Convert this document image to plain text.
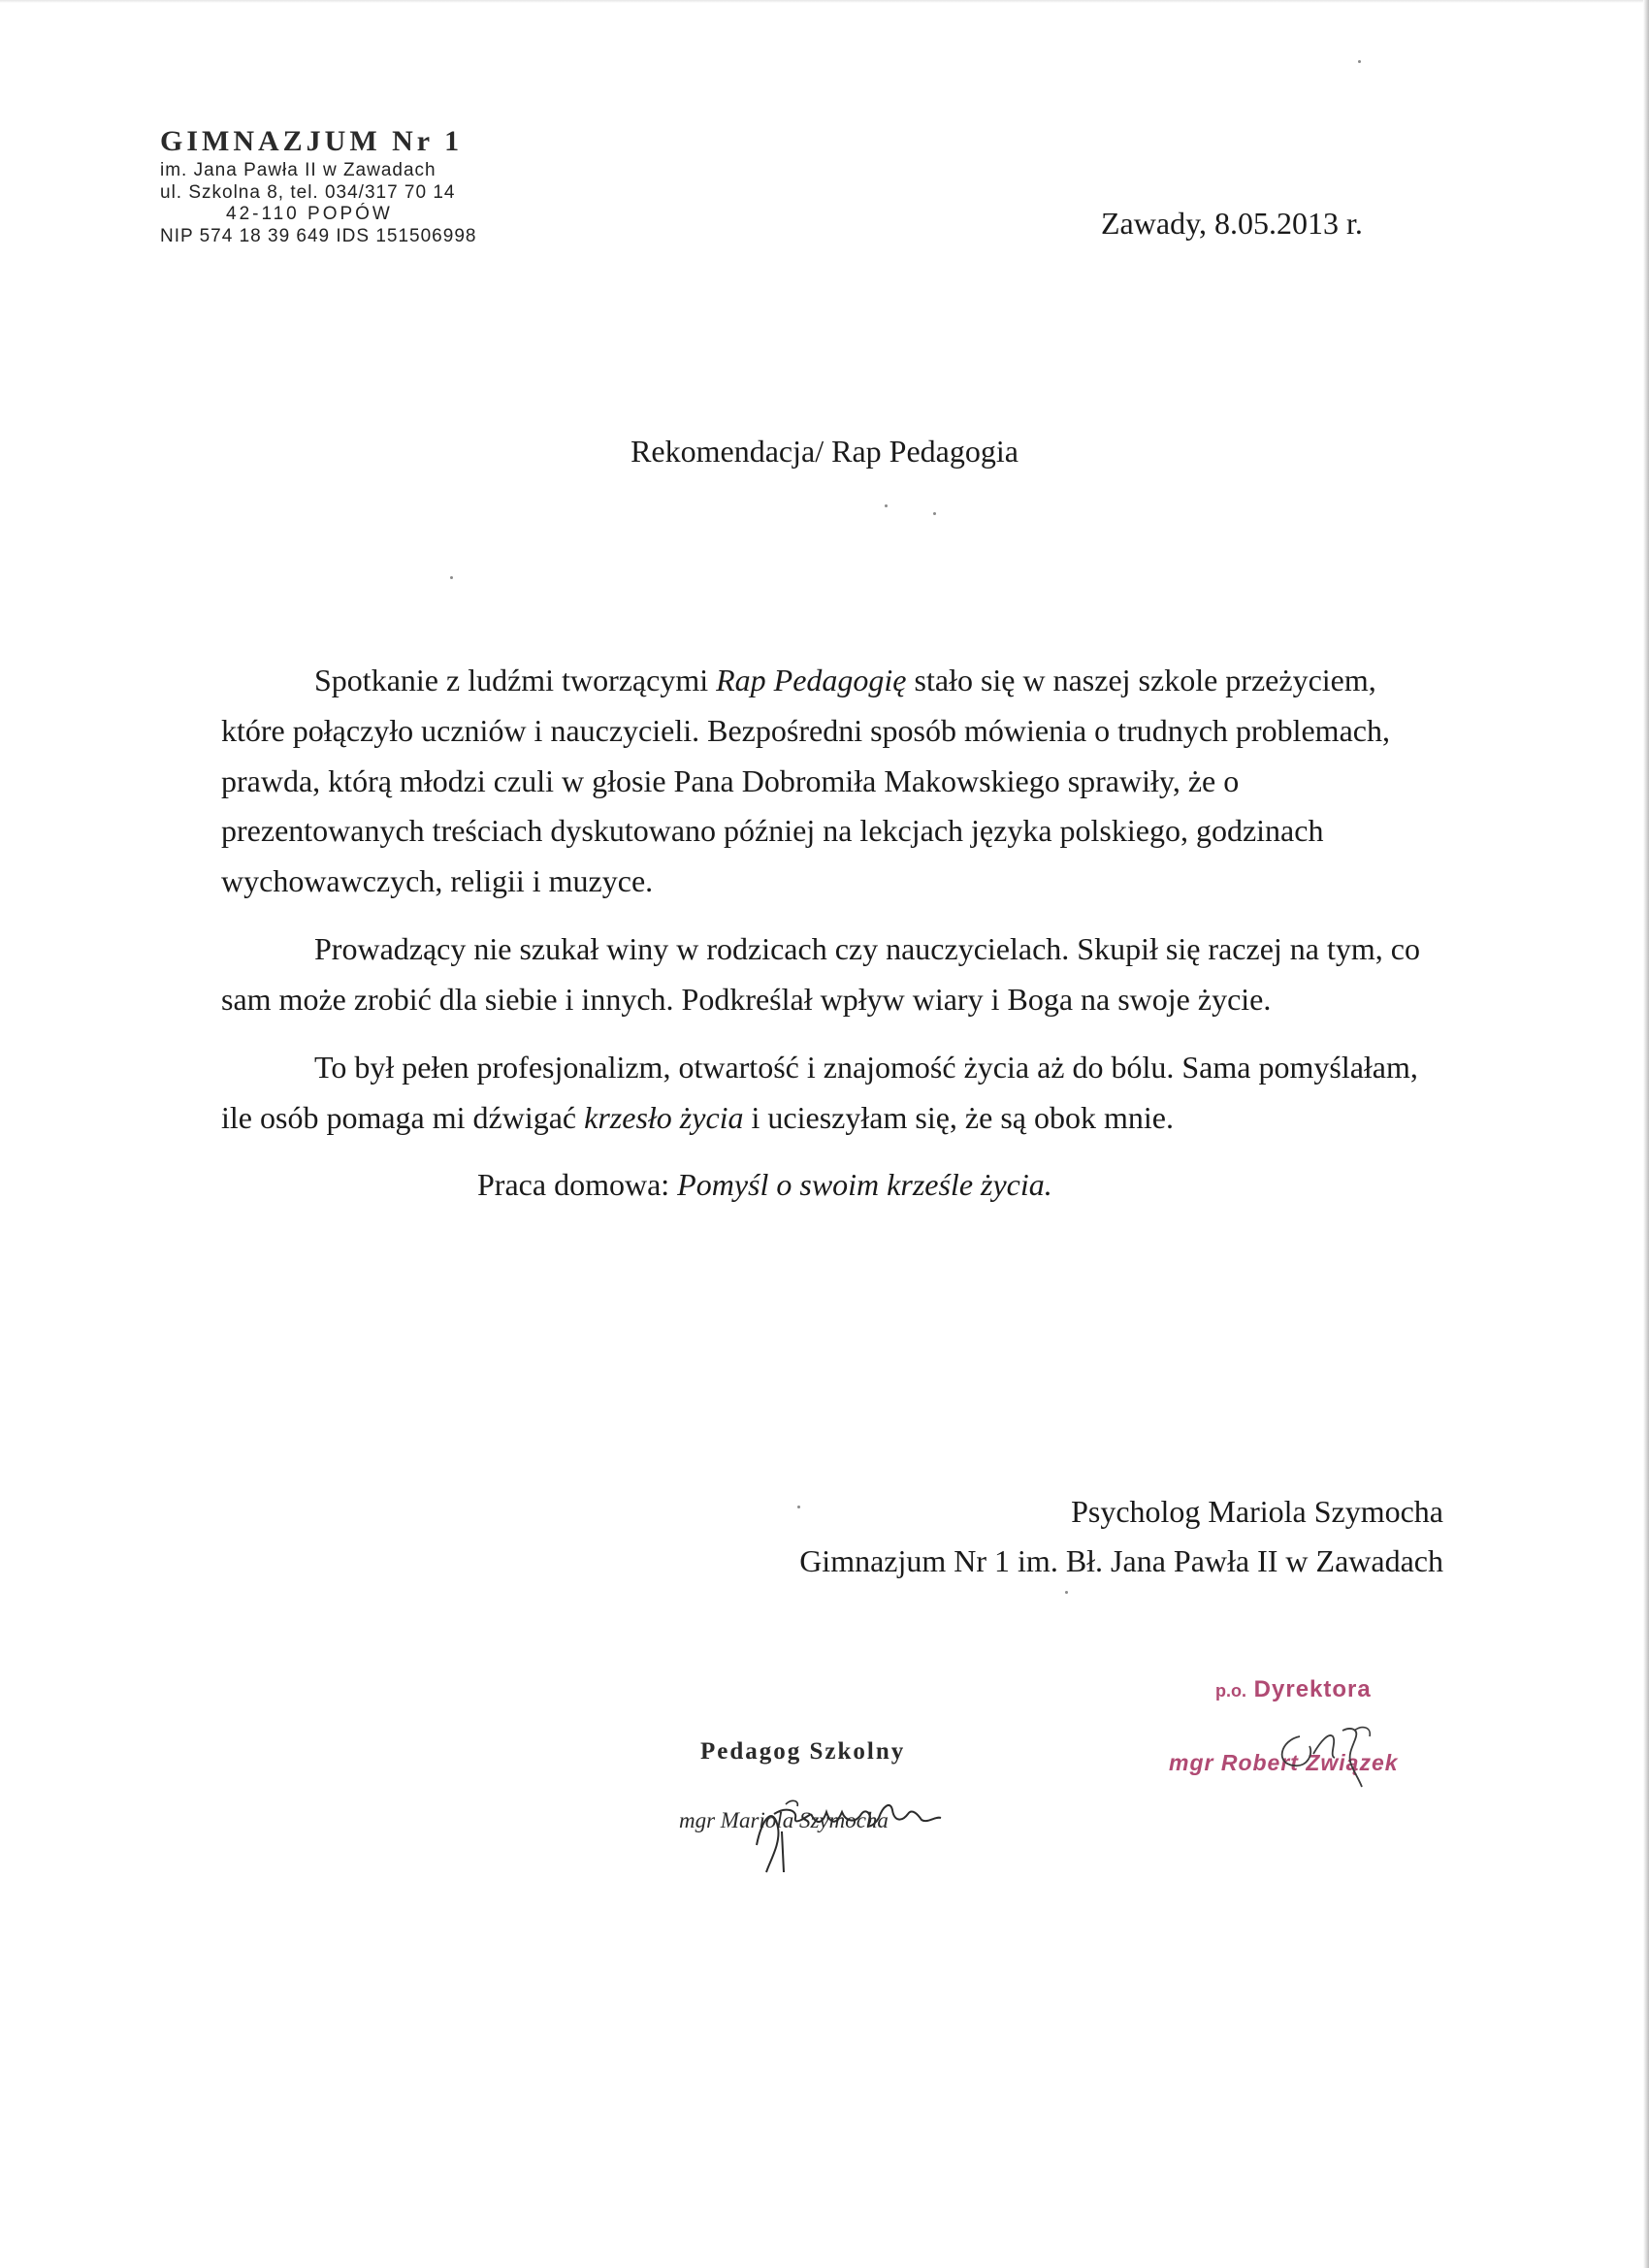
GIMNAZJUM Nr 1
im. Jana Pawła II w Zawadach
ul. Szkolna 8, tel. 034/317 70 14
42-110 POPÓW
NIP 574 18 39 649 IDS 151506998	Zawady, 8.05.2013 r.
Rekomendacja/ Rap Pedagogia

Spotkanie z ludźmi tworzącymi Rap Pedagogię stało się w naszej szkole przeżyciem, które połączyło uczniów i nauczycieli. Bezpośredni sposób mówienia o trudnych problemach, prawda, którą młodzi czuli w głosie Pana Dobromiła Makowskiego sprawiły, że o prezentowanych treściach dyskutowano później na lekcjach języka polskiego, godzinach wychowawczych, religii i muzyce.

Prowadzący nie szukał winy w rodzicach czy nauczycielach. Skupił się raczej na tym, co sam może zrobić dla siebie i innych. Podkreślał wpływ wiary i Boga na swoje życie.

To był pełen profesjonalizm, otwartość i znajomość życia aż do bólu. Sama pomyślałam, ile osób pomaga mi dźwigać krzesło życia i ucieszyłam się, że są obok mnie.

Praca domowa: Pomyśl o swoim krześle życia.

Psycholog Mariola Szymocha
Gimnazjum Nr 1 im. Bł. Jana Pawła II w Zawadach
Pedagog Szkolny
mgr Mariola Szymocha
p.o. Dyrektora
mgr Robert Związek
